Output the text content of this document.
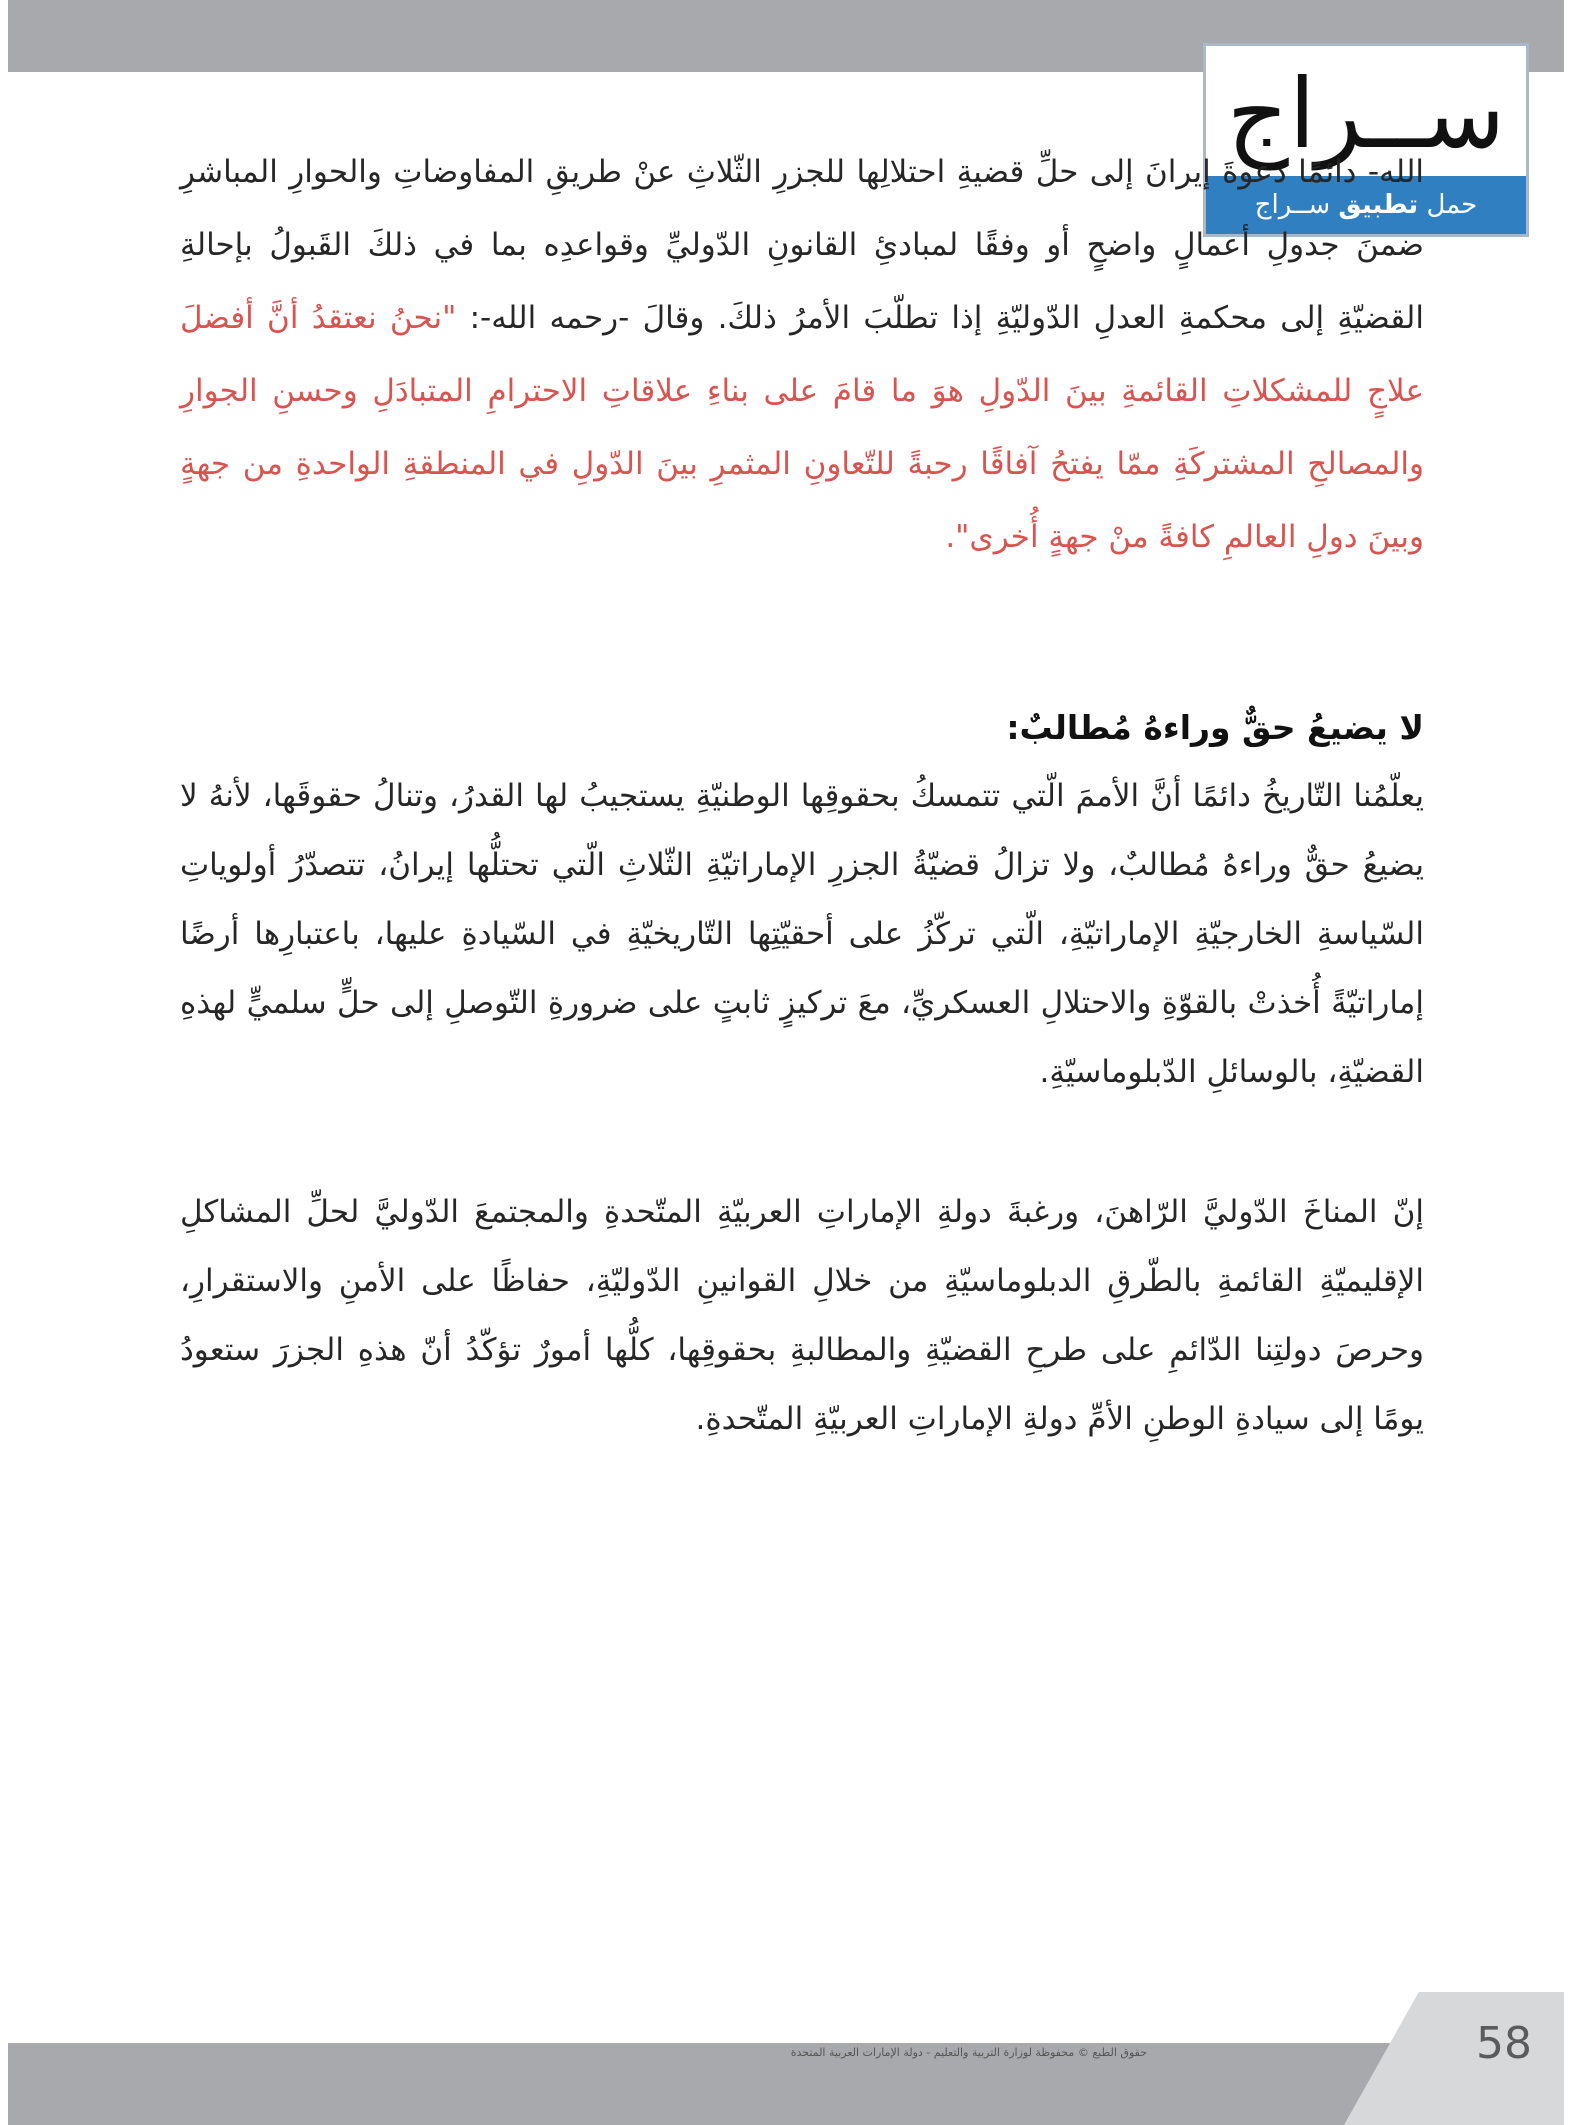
ســراج
حمل تطبيق ســراج
الله- دائمًا دعوةَ إيرانَ إلى حلِّ قضيةِ احتلالِها للجزرِ الثّلاثِ عنْ طريقِ المفاوضاتِ والحوارِ المباشرِ ضمنَ جدولِ أعمالٍ واضحٍ أو وفقًا لمبادئِ القانونِ الدّوليِّ وقواعدِه بما في ذلكَ القَبولُ بإحالةِ القضيّةِ إلى محكمةِ العدلِ الدّوليّةِ إذا تطلّبَ الأمرُ ذلكَ. وقالَ -رحمه الله-: "نحنُ نعتقدُ أنَّ أفضلَ علاجٍ للمشكلاتِ القائمةِ بينَ الدّولِ هوَ ما قامَ على بناءِ علاقاتِ الاحترامِ المتبادَلِ وحسنِ الجوارِ والمصالحِ المشتركَةِ ممّا يفتحُ آفاقًا رحبةً للتّعاونِ المثمرِ بينَ الدّولِ في المنطقةِ الواحدةِ من جهةٍ وبينَ دولِ العالمِ كافةً منْ جهةٍ أُخرى".
لا يضيعُ حقٌّ وراءهُ مُطالبٌ:
يعلّمُنا التّاريخُ دائمًا أنَّ الأممَ الّتي تتمسكُ بحقوقِها الوطنيّةِ يستجيبُ لها القدرُ، وتنالُ حقوقَها، لأنهُ لا يضيعُ حقٌّ وراءهُ مُطالبٌ، ولا تزالُ قضيّةُ الجزرِ الإماراتيّةِ الثّلاثِ الّتي تحتلُّها إيرانُ، تتصدّرُ أولوياتِ السّياسةِ الخارجيّةِ الإماراتيّةِ، الّتي تركّزُ على أحقيّتِها التّاريخيّةِ في السّيادةِ عليها، باعتبارِها أرضًا إماراتيّةً أُخذتْ بالقوّةِ والاحتلالِ العسكريِّ، معَ تركيزٍ ثابتٍ على ضرورةِ التّوصلِ إلى حلٍّ سلميٍّ لهذهِ القضيّةِ، بالوسائلِ الدّبلوماسيّةِ.
إنّ المناخَ الدّوليَّ الرّاهنَ، ورغبةَ دولةِ الإماراتِ العربيّةِ المتّحدةِ والمجتمعَ الدّوليَّ لحلِّ المشاكلِ الإقليميّةِ القائمةِ بالطّرقِ الدبلوماسيّةِ من خلالِ القوانينِ الدّوليّةِ، حفاظًا على الأمنِ والاستقرارِ، وحرصَ دولتِنا الدّائمِ على طرحِ القضيّةِ والمطالبةِ بحقوقِها، كلُّها أمورٌ تؤكّدُ أنّ هذهِ الجزرَ ستعودُ يومًا إلى سيادةِ الوطنِ الأمِّ دولةِ الإماراتِ العربيّةِ المتّحدةِ.
58
حقوق الطبع © محفوظة لوزارة التربية والتعليم - دولة الإمارات العربية المتحدة
